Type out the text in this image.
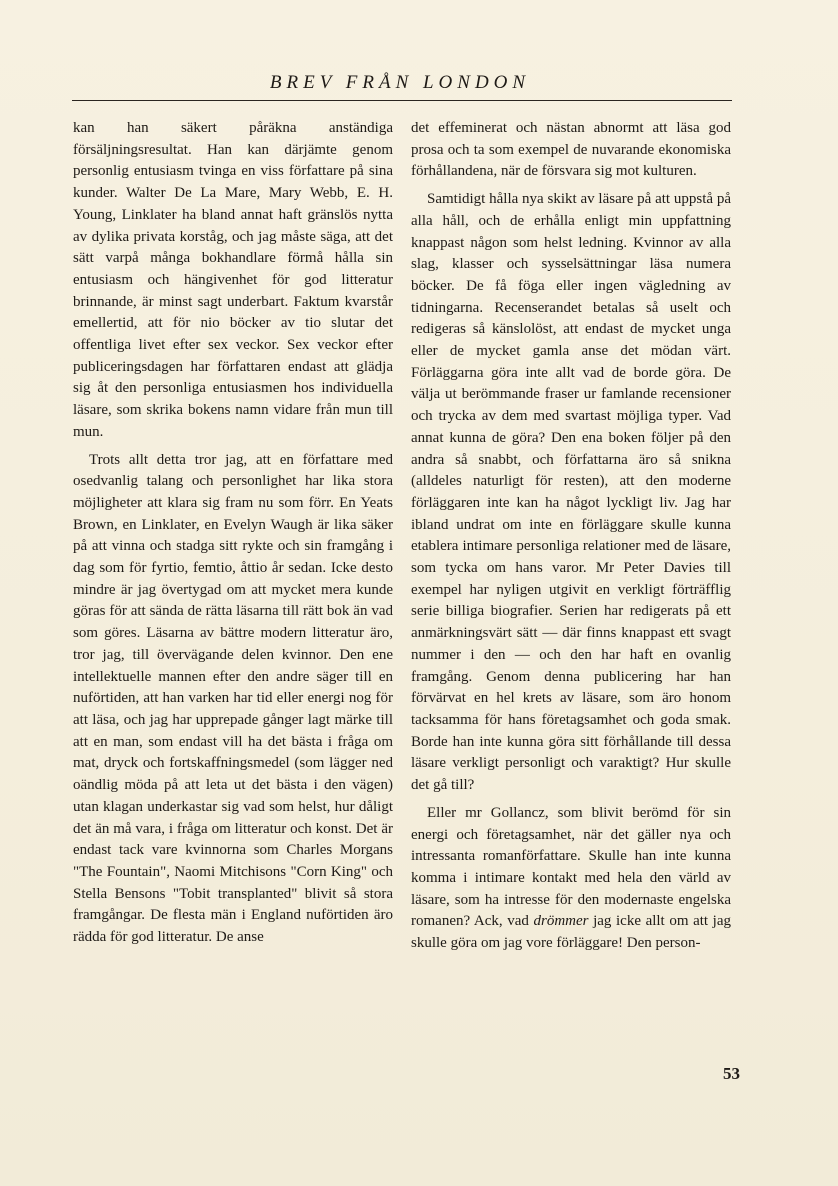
BREV FRÅN LONDON

kan han säkert påräkna anständiga försäljningsresultat. Han kan därjämte genom personlig entusiasm tvinga en viss författare på sina kunder. Walter De La Mare, Mary Webb, E. H. Young, Linklater ha bland annat haft gränslös nytta av dylika privata korståg, och jag måste säga, att det sätt varpå många bokhandlare förmå hålla sin entusiasm och hängivenhet för god litteratur brinnande, är minst sagt underbart. Faktum kvarstår emellertid, att för nio böcker av tio slutar det offentliga livet efter sex veckor. Sex veckor efter publiceringsdagen har författaren endast att glädja sig åt den personliga entusiasmen hos individuella läsare, som skrika bokens namn vidare från mun till mun.

Trots allt detta tror jag, att en författare med osedvanlig talang och personlighet har lika stora möjligheter att klara sig fram nu som förr. En Yeats Brown, en Linklater, en Evelyn Waugh är lika säker på att vinna och stadga sitt rykte och sin framgång i dag som för fyrtio, femtio, åttio år sedan. Icke desto mindre är jag övertygad om att mycket mera kunde göras för att sända de rätta läsarna till rätt bok än vad som göres. Läsarna av bättre modern litteratur äro, tror jag, till övervägande delen kvinnor. Den ene intellektuelle mannen efter den andre säger till en nuförtiden, att han varken har tid eller energi nog för att läsa, och jag har upprepade gånger lagt märke till att en man, som endast vill ha det bästa i fråga om mat, dryck och fortskaffningsmedel (som lägger ned oändlig möda på att leta ut det bästa i den vägen) utan klagan underkastar sig vad som helst, hur dåligt det än må vara, i fråga om litteratur och konst. Det är endast tack vare kvinnorna som Charles Morgans "The Fountain", Naomi Mitchisons "Corn King" och Stella Bensons "Tobit transplanted" blivit så stora framgångar. De flesta män i England nuförtiden äro rädda för god litteratur. De anse

det effeminerat och nästan abnormt att läsa god prosa och ta som exempel de nuvarande ekonomiska förhållandena, när de försvara sig mot kulturen.

Samtidigt hålla nya skikt av läsare på att uppstå på alla håll, och de erhålla enligt min uppfattning knappast någon som helst ledning. Kvinnor av alla slag, klasser och sysselsättningar läsa numera böcker. De få föga eller ingen vägledning av tidningarna. Recenserandet betalas så uselt och redigeras så känslolöst, att endast de mycket unga eller de mycket gamla anse det mödan värt. Förläggarna göra inte allt vad de borde göra. De välja ut berömmande fraser ur famlande recensioner och trycka av dem med svartast möjliga typer. Vad annat kunna de göra? Den ena boken följer på den andra så snabbt, och författarna äro så snikna (alldeles naturligt för resten), att den moderne förläggaren inte kan ha något lyckligt liv. Jag har ibland undrat om inte en förläggare skulle kunna etablera intimare personliga relationer med de läsare, som tycka om hans varor. Mr Peter Davies till exempel har nyligen utgivit en verkligt förträfflig serie billiga biografier. Serien har redigerats på ett anmärkningsvärt sätt — där finns knappast ett svagt nummer i den — och den har haft en ovanlig framgång. Genom denna publicering har han förvärvat en hel krets av läsare, som äro honom tacksamma för hans företagsamhet och goda smak. Borde han inte kunna göra sitt förhållande till dessa läsare verkligt personligt och varaktigt? Hur skulle det gå till?

Eller mr Gollancz, som blivit berömd för sin energi och företagsamhet, när det gäller nya och intressanta romanförfattare. Skulle han inte kunna komma i intimare kontakt med hela den värld av läsare, som ha intresse för den modernaste engelska romanen? Ack, vad drömmer jag icke allt om att jag skulle göra om jag vore förläggare! Den person-

53
